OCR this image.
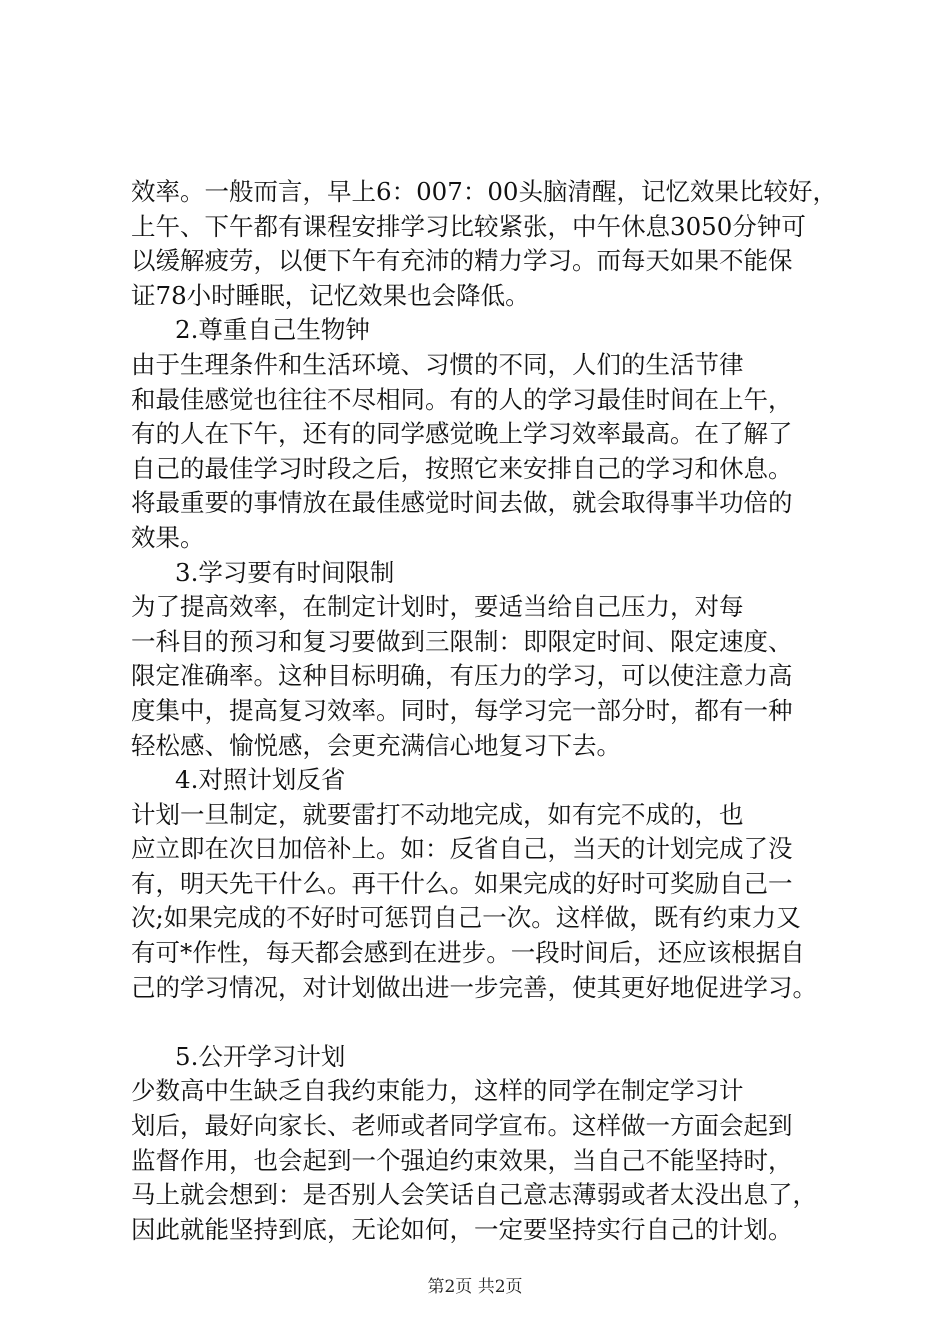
效率。一般而言，早上6：007：00头脑清醒，记忆效果比较好，
上午、下午都有课程安排学习比较紧张，中午休息3050分钟可
以缓解疲劳，以便下午有充沛的精力学习。而每天如果不能保
证78小时睡眠，记忆效果也会降低。
2.尊重自己生物钟
由于生理条件和生活环境、习惯的不同，人们的生活节律
和最佳感觉也往往不尽相同。有的人的学习最佳时间在上午，
有的人在下午，还有的同学感觉晚上学习效率最高。在了解了
自己的最佳学习时段之后，按照它来安排自己的学习和休息。
将最重要的事情放在最佳感觉时间去做，就会取得事半功倍的
效果。
3.学习要有时间限制
为了提高效率，在制定计划时，要适当给自己压力，对每
一科目的预习和复习要做到三限制：即限定时间、限定速度、
限定准确率。这种目标明确，有压力的学习，可以使注意力高
度集中，提高复习效率。同时，每学习完一部分时，都有一种
轻松感、愉悦感，会更充满信心地复习下去。
4.对照计划反省
计划一旦制定，就要雷打不动地完成，如有完不成的，也
应立即在次日加倍补上。如：反省自己，当天的计划完成了没
有，明天先干什么。再干什么。如果完成的好时可奖励自己一
次;如果完成的不好时可惩罚自己一次。这样做，既有约束力又
有可*作性，每天都会感到在进步。一段时间后，还应该根据自
己的学习情况，对计划做出进一步完善，使其更好地促进学习。
5.公开学习计划
少数高中生缺乏自我约束能力，这样的同学在制定学习计
划后，最好向家长、老师或者同学宣布。这样做一方面会起到
监督作用，也会起到一个强迫约束效果，当自己不能坚持时，
马上就会想到：是否别人会笑话自己意志薄弱或者太没出息了，
因此就能坚持到底，无论如何，一定要坚持实行自己的计划。
第2页 共2页
